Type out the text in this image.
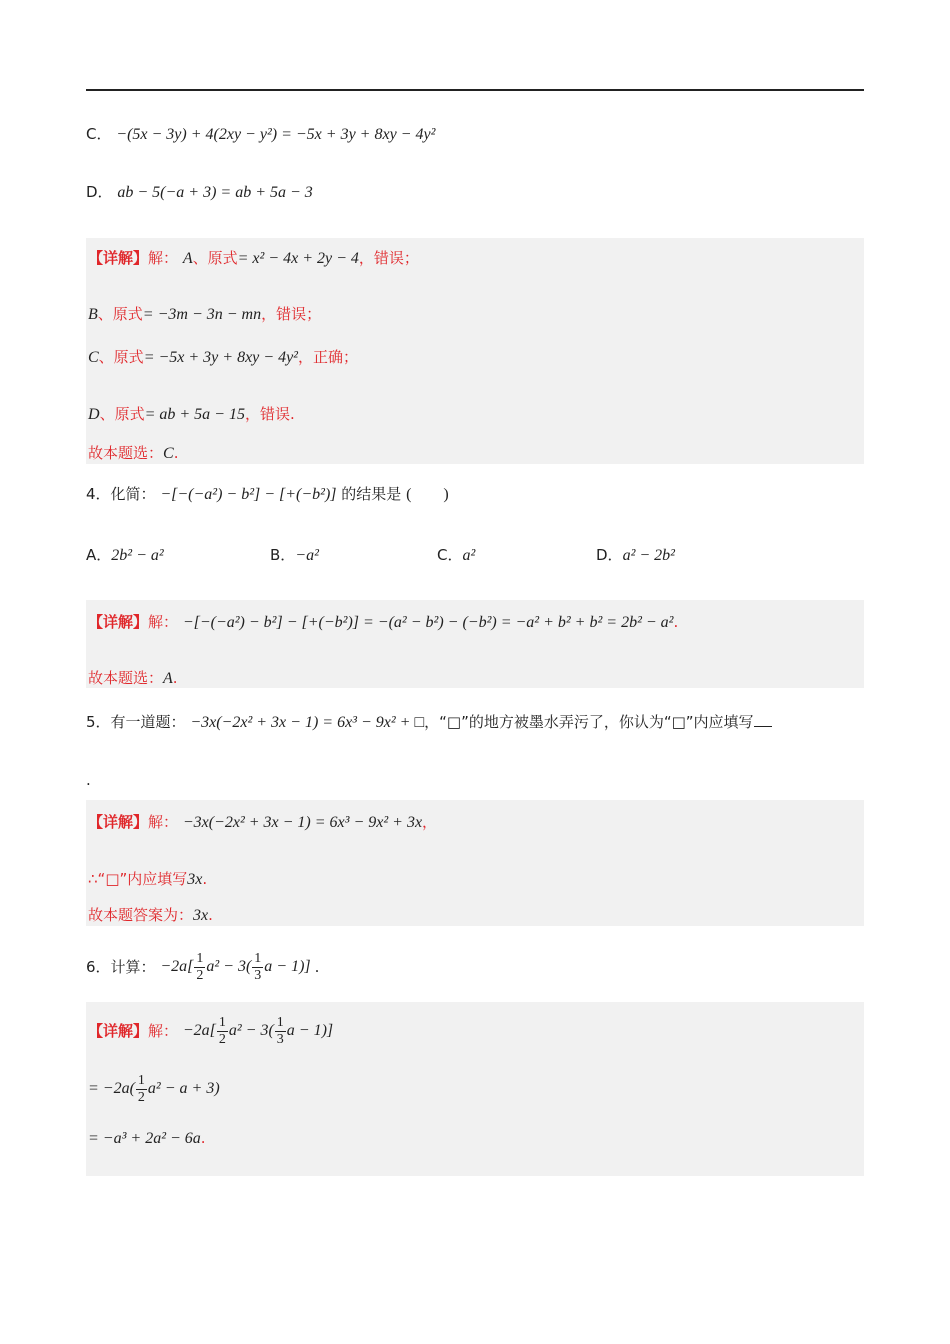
C． −(5x − 3y) + 4(2xy − y²) = −5x + 3y + 8xy − 4y²
D． ab − 5(−a + 3) = ab + 5a − 3
【详解】解： A、原式= x² − 4x + 2y − 4，错误；
B、原式= −3m − 3n − mn，错误；
C、原式= −5x + 3y + 8xy − 4y²，正确；
D、原式= ab + 5a − 15，错误.
故本题选：C.
4．化简： −[−(−a²) − b²] − [+(−b²)] 的结果是 (　　)
A．2b² − a²	B．−a²	C．a²	D．a² − 2b²
【详解】解： −[−(−a²) − b²] − [+(−b²)] = −(a² − b²) − (−b²) = −a² + b² + b² = 2b² − a².
故本题选：A.
5．有一道题： −3x(−2x² + 3x − 1) = 6x³ − 9x² + □，“□”的地方被墨水弄污了，你认为“□”内应填写
.
【详解】解： −3x(−2x² + 3x − 1) = 6x³ − 9x² + 3x，
∴“□”内应填写3x.
故本题答案为：3x.
6．计算： $-2a[ \frac{1}{2} a^2 - 3( \frac{1}{3}$ a − 1)] .
【详解】解： $-2a[ \frac{1}{2} a^2 - 3( \frac{1}{3}$ a − 1)]
= $-2a( \frac{1}{2} a^2 - a + 3)$
= −a³ + 2a² − 6a.
